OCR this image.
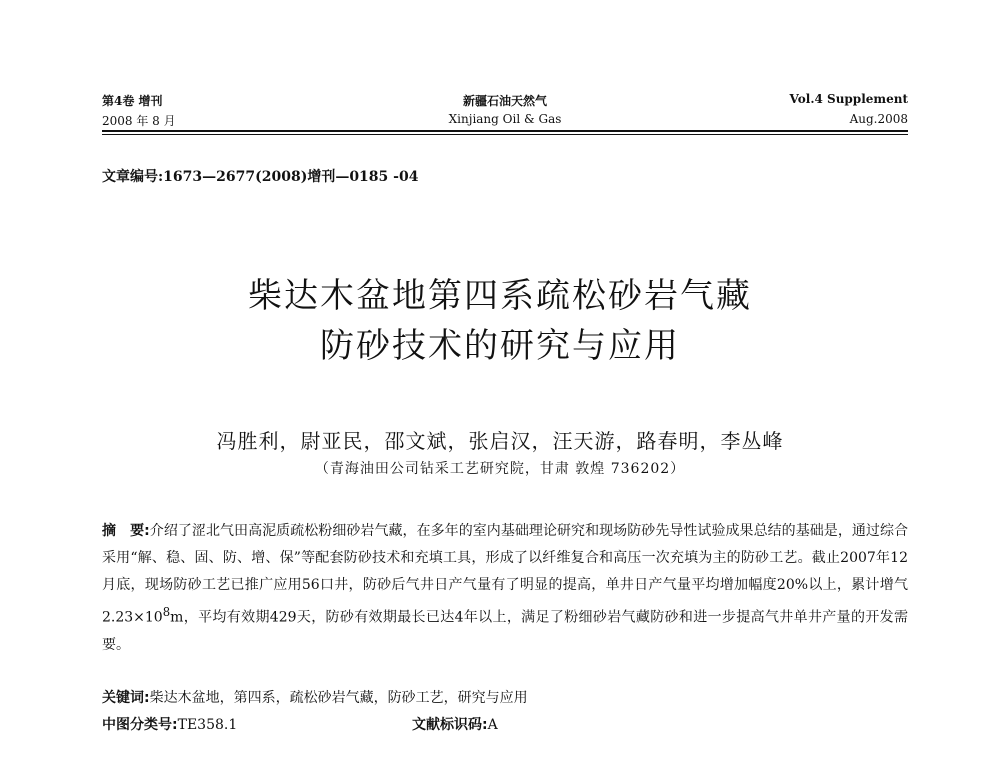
第4卷 增刊	新疆石油天然气	Vol.4 Supplement
2008 年 8 月	Xinjiang Oil & Gas	Aug.2008
文章编号:1673—2677(2008)增刊—0185 -04
柴达木盆地第四系疏松砂岩气藏
防砂技术的研究与应用
冯胜利，尉亚民，邵文斌，张启汉，汪天游，路春明，李丛峰
（青海油田公司钻采工艺研究院，甘肃 敦煌 736202）
摘　要:介绍了涩北气田高泥质疏松粉细砂岩气藏，在多年的室内基础理论研究和现场防砂先导性试验成果总结的基础是，通过综合采用“解、稳、固、防、增、保”等配套防砂技术和充填工具，形成了以纤维复合和高压一次充填为主的防砂工艺。截止2007年12月底，现场防砂工艺已推广应用56口井，防砂后气井日产气量有了明显的提高，单井日产气量平均增加幅度20%以上，累计增气$2.23\times 10^8m$，平均有效期429天，防砂有效期最长已达4年以上，满足了粉细砂岩气藏防砂和进一步提高气井单井产量的开发需要。
关键词:柴达木盆地，第四系，疏松砂岩气藏，防砂工艺，研究与应用
中图分类号:TE358.1	文献标识码:A
